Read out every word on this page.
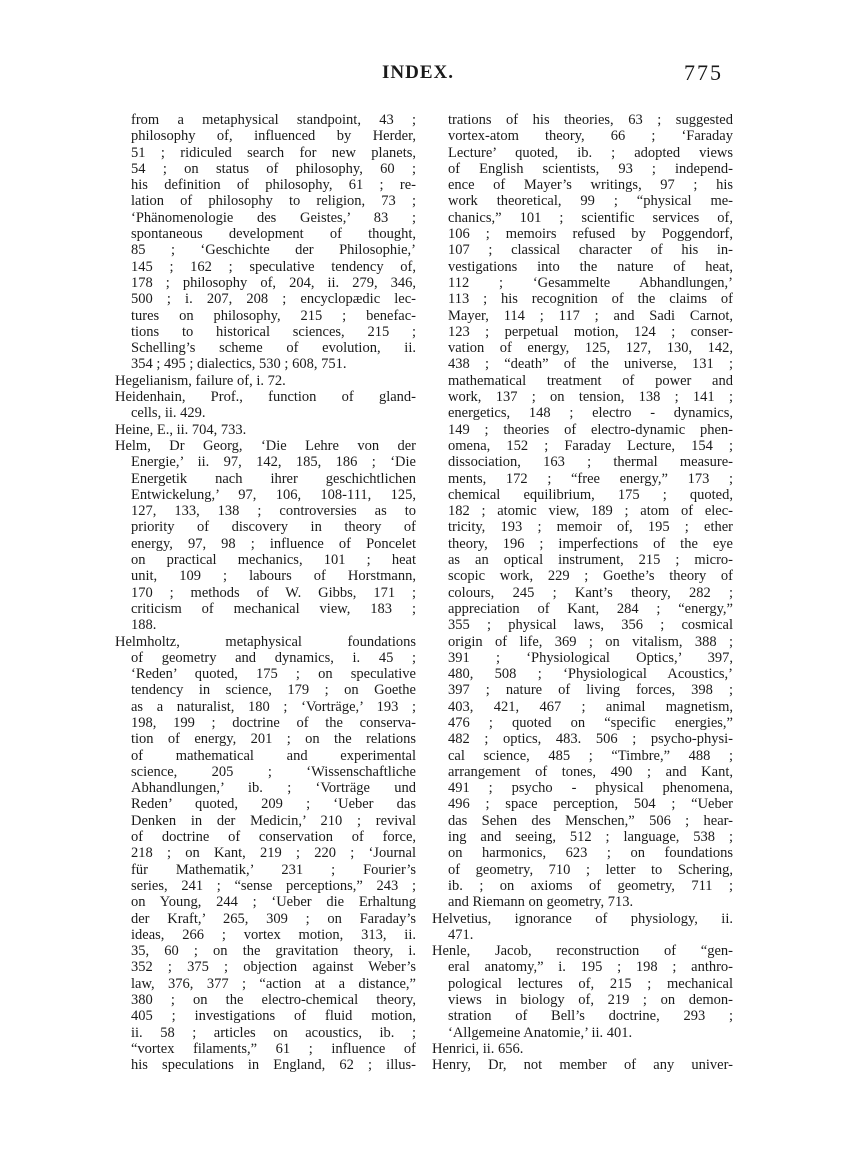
INDEX.	775
from a metaphysical standpoint, 43 ;
philosophy of, influenced by Herder,
51 ; ridiculed search for new planets,
54 ; on status of philosophy, 60 ;
his definition of philosophy, 61 ; re-
lation of philosophy to religion, 73 ;
‘Phänomenologie des Geistes,’ 83 ;
spontaneous development of thought,
85 ; ‘Geschichte der Philosophie,’
145 ; 162 ; speculative tendency of,
178 ; philosophy of, 204, ii. 279, 346,
500 ; i. 207, 208 ; encyclopædic lec-
tures on philosophy, 215 ; benefac-
tions to historical sciences, 215 ;
Schelling’s scheme of evolution, ii.
354 ; 495 ; dialectics, 530 ; 608, 751.
Hegelianism, failure of, i. 72.
Heidenhain, Prof., function of gland-
cells, ii. 429.
Heine, E., ii. 704, 733.
Helm, Dr Georg, ‘Die Lehre von der
Energie,’ ii. 97, 142, 185, 186 ; ‘Die
Energetik nach ihrer geschichtlichen
Entwickelung,’ 97, 106, 108-111, 125,
127, 133, 138 ; controversies as to
priority of discovery in theory of
energy, 97, 98 ; influence of Poncelet
on practical mechanics, 101 ; heat
unit, 109 ; labours of Horstmann,
170 ; methods of W. Gibbs, 171 ;
criticism of mechanical view, 183 ;
188.
Helmholtz, metaphysical foundations
of geometry and dynamics, i. 45 ;
‘Reden’ quoted, 175 ; on speculative
tendency in science, 179 ; on Goethe
as a naturalist, 180 ; ‘Vorträge,’ 193 ;
198, 199 ; doctrine of the conserva-
tion of energy, 201 ; on the relations
of mathematical and experimental
science, 205 ; ‘Wissenschaftliche
Abhandlungen,’ ib. ; ‘Vorträge und
Reden’ quoted, 209 ; ‘Ueber das
Denken in der Medicin,’ 210 ; revival
of doctrine of conservation of force,
218 ; on Kant, 219 ; 220 ; ‘Journal
für Mathematik,’ 231 ; Fourier’s
series, 241 ; “sense perceptions,” 243 ;
on Young, 244 ; ‘Ueber die Erhaltung
der Kraft,’ 265, 309 ; on Faraday’s
ideas, 266 ; vortex motion, 313, ii.
35, 60 ; on the gravitation theory, i.
352 ; 375 ; objection against Weber’s
law, 376, 377 ; “action at a distance,”
380 ; on the electro-chemical theory,
405 ; investigations of fluid motion,
ii. 58 ; articles on acoustics, ib. ;
“vortex filaments,” 61 ; influence of
his speculations in England, 62 ; illus-
trations of his theories, 63 ; suggested
vortex-atom theory, 66 ; ‘Faraday
Lecture’ quoted, ib. ; adopted views
of English scientists, 93 ; independ-
ence of Mayer’s writings, 97 ; his
work theoretical, 99 ; “physical me-
chanics,” 101 ; scientific services of,
106 ; memoirs refused by Poggendorf,
107 ; classical character of his in-
vestigations into the nature of heat,
112 ; ‘Gesammelte Abhandlungen,’
113 ; his recognition of the claims of
Mayer, 114 ; 117 ; and Sadi Carnot,
123 ; perpetual motion, 124 ; conser-
vation of energy, 125, 127, 130, 142,
438 ; “death” of the universe, 131 ;
mathematical treatment of power and
work, 137 ; on tension, 138 ; 141 ;
energetics, 148 ; electro - dynamics,
149 ; theories of electro-dynamic phen-
omena, 152 ; Faraday Lecture, 154 ;
dissociation, 163 ; thermal measure-
ments, 172 ; “free energy,” 173 ;
chemical equilibrium, 175 ; quoted,
182 ; atomic view, 189 ; atom of elec-
tricity, 193 ; memoir of, 195 ; ether
theory, 196 ; imperfections of the eye
as an optical instrument, 215 ; micro-
scopic work, 229 ; Goethe’s theory of
colours, 245 ; Kant’s theory, 282 ;
appreciation of Kant, 284 ; “energy,”
355 ; physical laws, 356 ; cosmical
origin of life, 369 ; on vitalism, 388 ;
391 ; ‘Physiological Optics,’ 397,
480, 508 ; ‘Physiological Acoustics,’
397 ; nature of living forces, 398 ;
403, 421, 467 ; animal magnetism,
476 ; quoted on “specific energies,”
482 ; optics, 483. 506 ; psycho-physi-
cal science, 485 ; “Timbre,” 488 ;
arrangement of tones, 490 ; and Kant,
491 ; psycho - physical phenomena,
496 ; space perception, 504 ; “Ueber
das Sehen des Menschen,” 506 ; hear-
ing and seeing, 512 ; language, 538 ;
on harmonics, 623 ; on foundations
of geometry, 710 ; letter to Schering,
ib. ; on axioms of geometry, 711 ;
and Riemann on geometry, 713.
Helvetius, ignorance of physiology, ii.
471.
Henle, Jacob, reconstruction of “gen-
eral anatomy,” i. 195 ; 198 ; anthro-
pological lectures of, 215 ; mechanical
views in biology of, 219 ; on demon-
stration of Bell’s doctrine, 293 ;
‘Allgemeine Anatomie,’ ii. 401.
Henrici, ii. 656.
Henry, Dr, not member of any univer-
